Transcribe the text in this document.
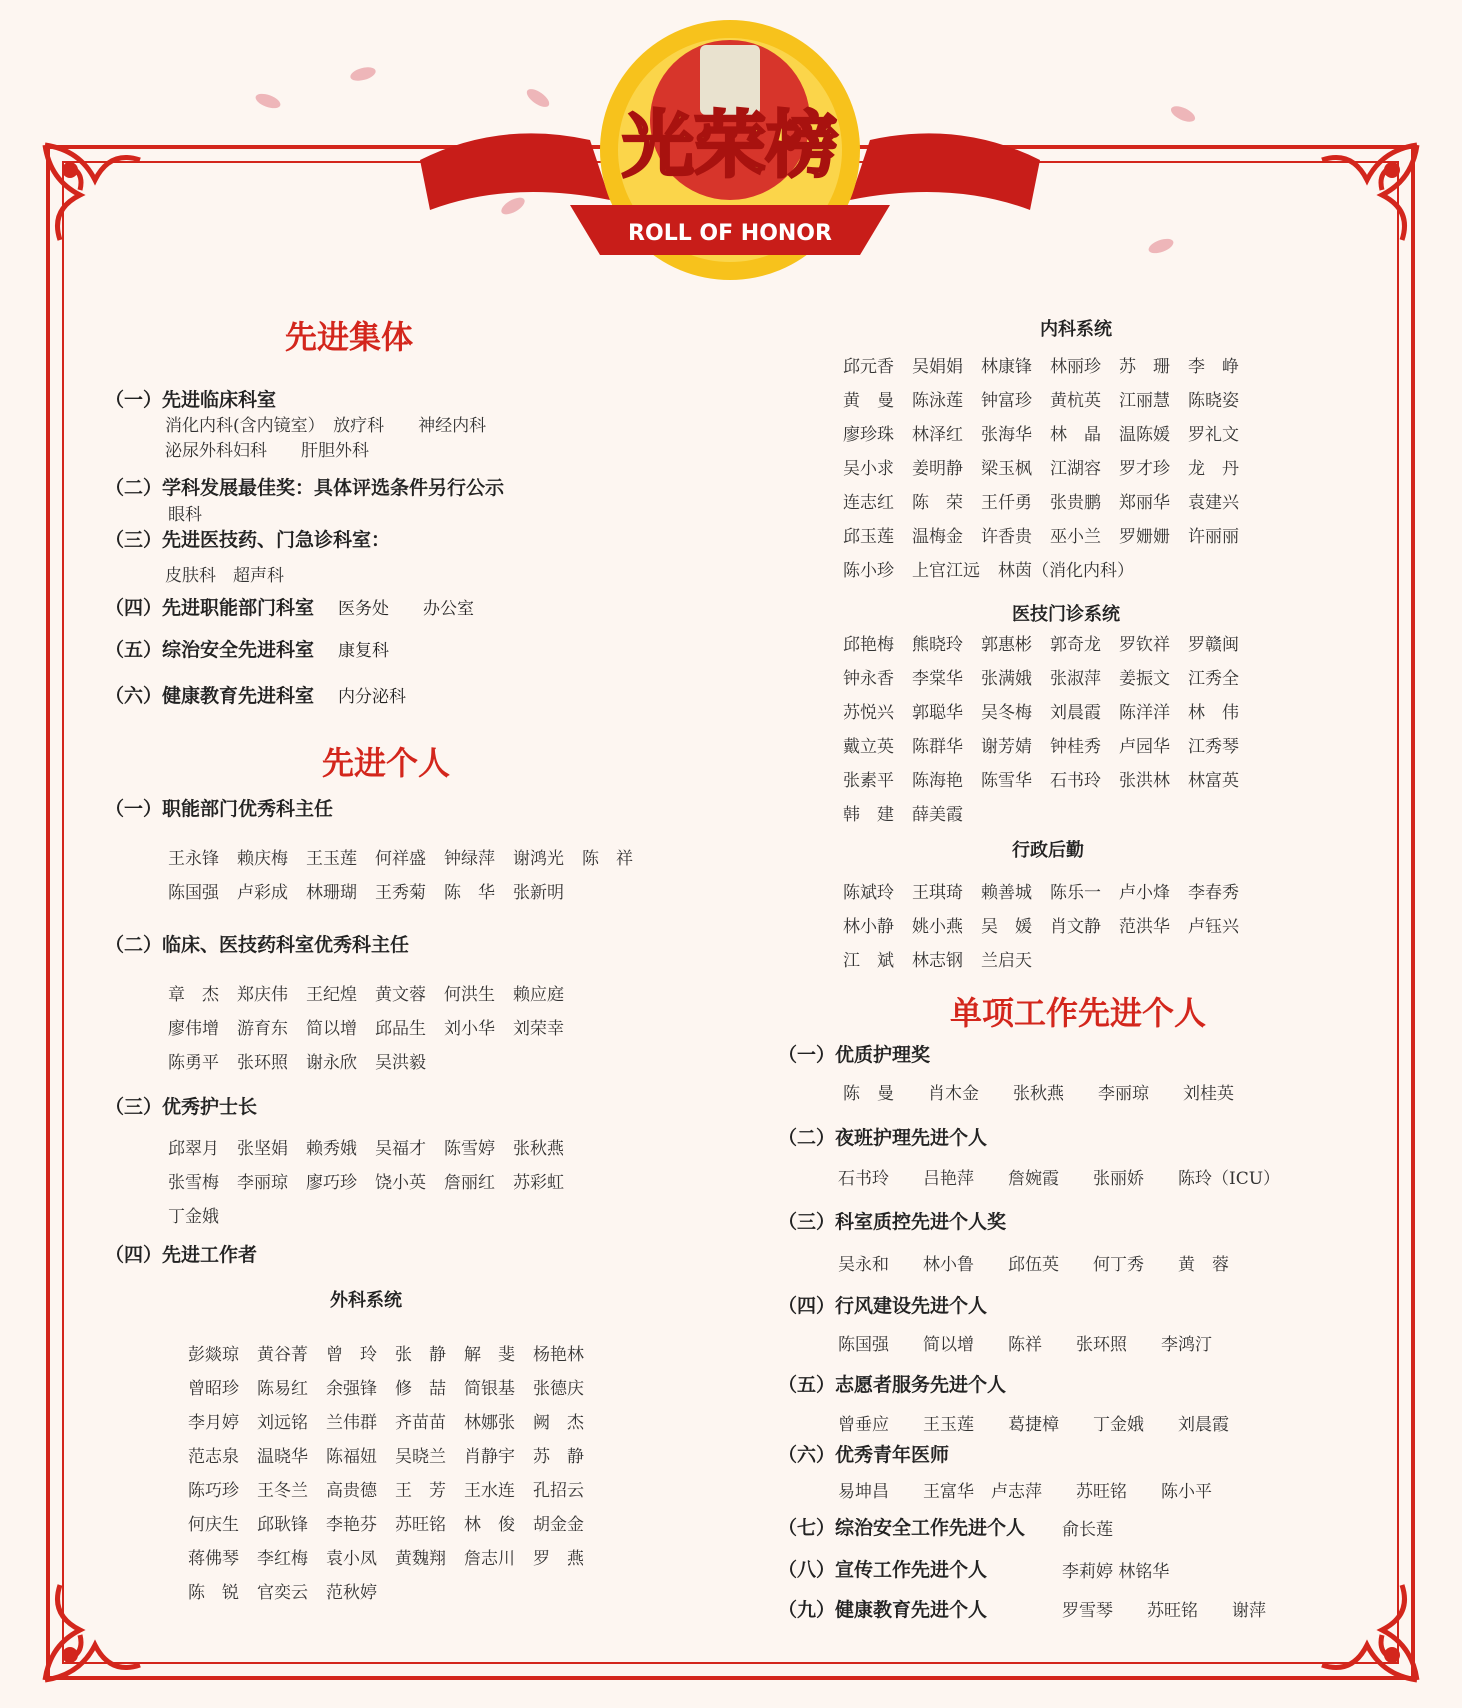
光荣榜
ROLL OF HONOR
先进集体
（一）先进临床科室
消化内科(含内镜室）　放疗科　　神经内科
泌尿外科妇科　　肝胆外科
（二）学科发展最佳奖：具体评选条件另行公示
眼科
（三）先进医技药、门急诊科室：
皮肤科　超声科
（四）先进职能部门科室 医务处　　办公室
（五）综治安全先进科室 康复科
（六）健康教育先进科室 内分泌科
先进个人
（一）职能部门优秀科主任
王永锋 赖庆梅 王玉莲 何祥盛 钟绿萍 谢鸿光 陈　祥
陈国强 卢彩成 林珊瑚 王秀菊 陈　华 张新明
（二）临床、医技药科室优秀科主任
章　杰 郑庆伟 王纪煌 黄文蓉 何洪生 赖应庭
廖伟增 游育东 简以增 邱品生 刘小华 刘荣幸
陈勇平 张环照 谢永欣 吴洪毅
（三）优秀护士长
邱翠月 张坚娟 赖秀娥 吴福才 陈雪婷 张秋燕
张雪梅 李丽琼 廖巧珍 饶小英 詹丽红 苏彩虹
丁金娥
（四）先进工作者
外科系统
彭燚琼 黄谷菁 曾　玲 张　静 解　斐 杨艳林
曾昭珍 陈易红 余强锋 修　喆 简银基 张德庆
李月婷 刘远铭 兰伟群 齐苗苗 林娜张 阙　杰
范志泉 温晓华 陈福妞 吴晓兰 肖静宇 苏　静
陈巧珍 王冬兰 高贵德 王　芳 王水连 孔招云
何庆生 邱耿锋 李艳芬 苏旺铭 林　俊 胡金金
蒋佛琴 李红梅 袁小凤 黄魏翔 詹志川 罗　燕
陈　锐 官奕云 范秋婷
内科系统
邱元香 吴娟娟 林康锋 林丽珍 苏　珊 李　峥
黄　曼 陈泳莲 钟富珍 黄杭英 江丽慧 陈晓姿
廖珍珠 林泽红 张海华 林　晶 温陈媛 罗礼文
吴小求 姜明静 梁玉枫 江湖容 罗才珍 龙　丹
连志红 陈　荣 王仟勇 张贵鹏 郑丽华 袁建兴
邱玉莲 温梅金 许香贵 巫小兰 罗姗姗 许丽丽
陈小珍 上官江远 林茵（消化内科）
医技门诊系统
邱艳梅 熊晓玲 郭惠彬 郭奇龙 罗钦祥 罗赣闽
钟永香 李棠华 张满娥 张淑萍 姜振文 江秀全
苏悦兴 郭聪华 吴冬梅 刘晨霞 陈洋洋 林　伟
戴立英 陈群华 谢芳婧 钟桂秀 卢园华 江秀琴
张素平 陈海艳 陈雪华 石书玲 张洪林 林富英
韩　建 薛美霞
行政后勤
陈斌玲 王琪琦 赖善城 陈乐一 卢小烽 李春秀
林小静 姚小燕 吴　媛 肖文静 范洪华 卢钰兴
江　斌 林志钢 兰启天
单项工作先进个人
（一）优质护理奖
陈　曼　　肖木金　　张秋燕　　李丽琼　　刘桂英
（二）夜班护理先进个人
石书玲　　吕艳萍　　詹婉霞　　张丽娇　　陈玲（ICU）
（三）科室质控先进个人奖
吴永和　　林小鲁　　邱伍英　　何丁秀　　黄　蓉
（四）行风建设先进个人
陈国强　　简以增　　陈祥　　张环照　　李鸿汀
（五）志愿者服务先进个人
曾垂应　　王玉莲　　葛捷樟　　丁金娥　　刘晨霞
（六）优秀青年医师
易坤昌　　王富华　卢志萍　　苏旺铭　　陈小平
（七）综治安全工作先进个人 俞长莲
（八）宣传工作先进个人	李莉婷 林铭华
（九）健康教育先进个人	罗雪琴　　苏旺铭　　谢萍
